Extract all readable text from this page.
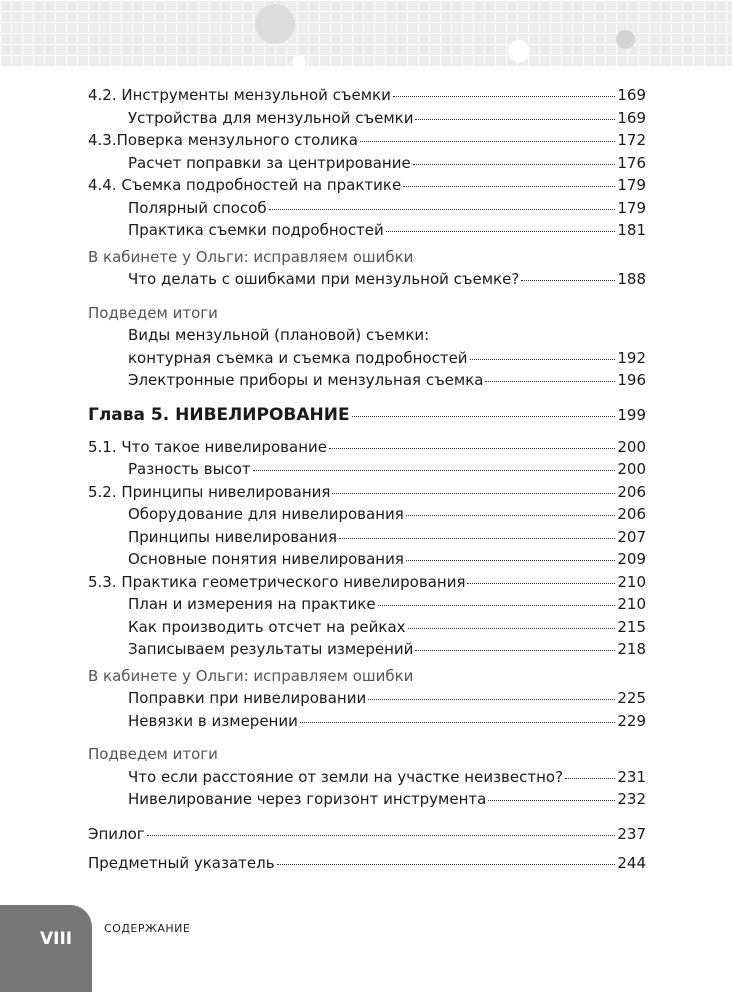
4.2. Инструменты мензульной съемки	169
Устройства для мензульной съемки	169
4.3.Поверка мензульного столика	172
Расчет поправки за центрирование	176
4.4. Съемка подробностей на практике	179
Полярный способ	179
Практика съемки подробностей	181
В кабинете у Ольги: исправляем ошибки
Что делать с ошибками при мензульной съемке?	188
Подведем итоги
Виды мензульной (плановой) съемки:
контурная съемка и съемка подробностей	192
Электронные приборы и мензульная съемка	196
Глава 5. НИВЕЛИРОВАНИЕ	199
5.1. Что такое нивелирование	200
Разность высот	200
5.2. Принципы нивелирования	206
Оборудование для нивелирования	206
Принципы нивелирования	207
Основные понятия нивелирования	209
5.3. Практика геометрического нивелирования	210
План и измерения на практике	210
Как производить отсчет на рейках	215
Записываем результаты измерений	218
В кабинете у Ольги: исправляем ошибки
Поправки при нивелировании	225
Невязки в измерении	229
Подведем итоги
Что если расстояние от земли на участке неизвестно?	231
Нивелирование через горизонт инструмента	232
Эпилог	237
Предметный указатель	244
VIII
СОДЕРЖАНИЕ
